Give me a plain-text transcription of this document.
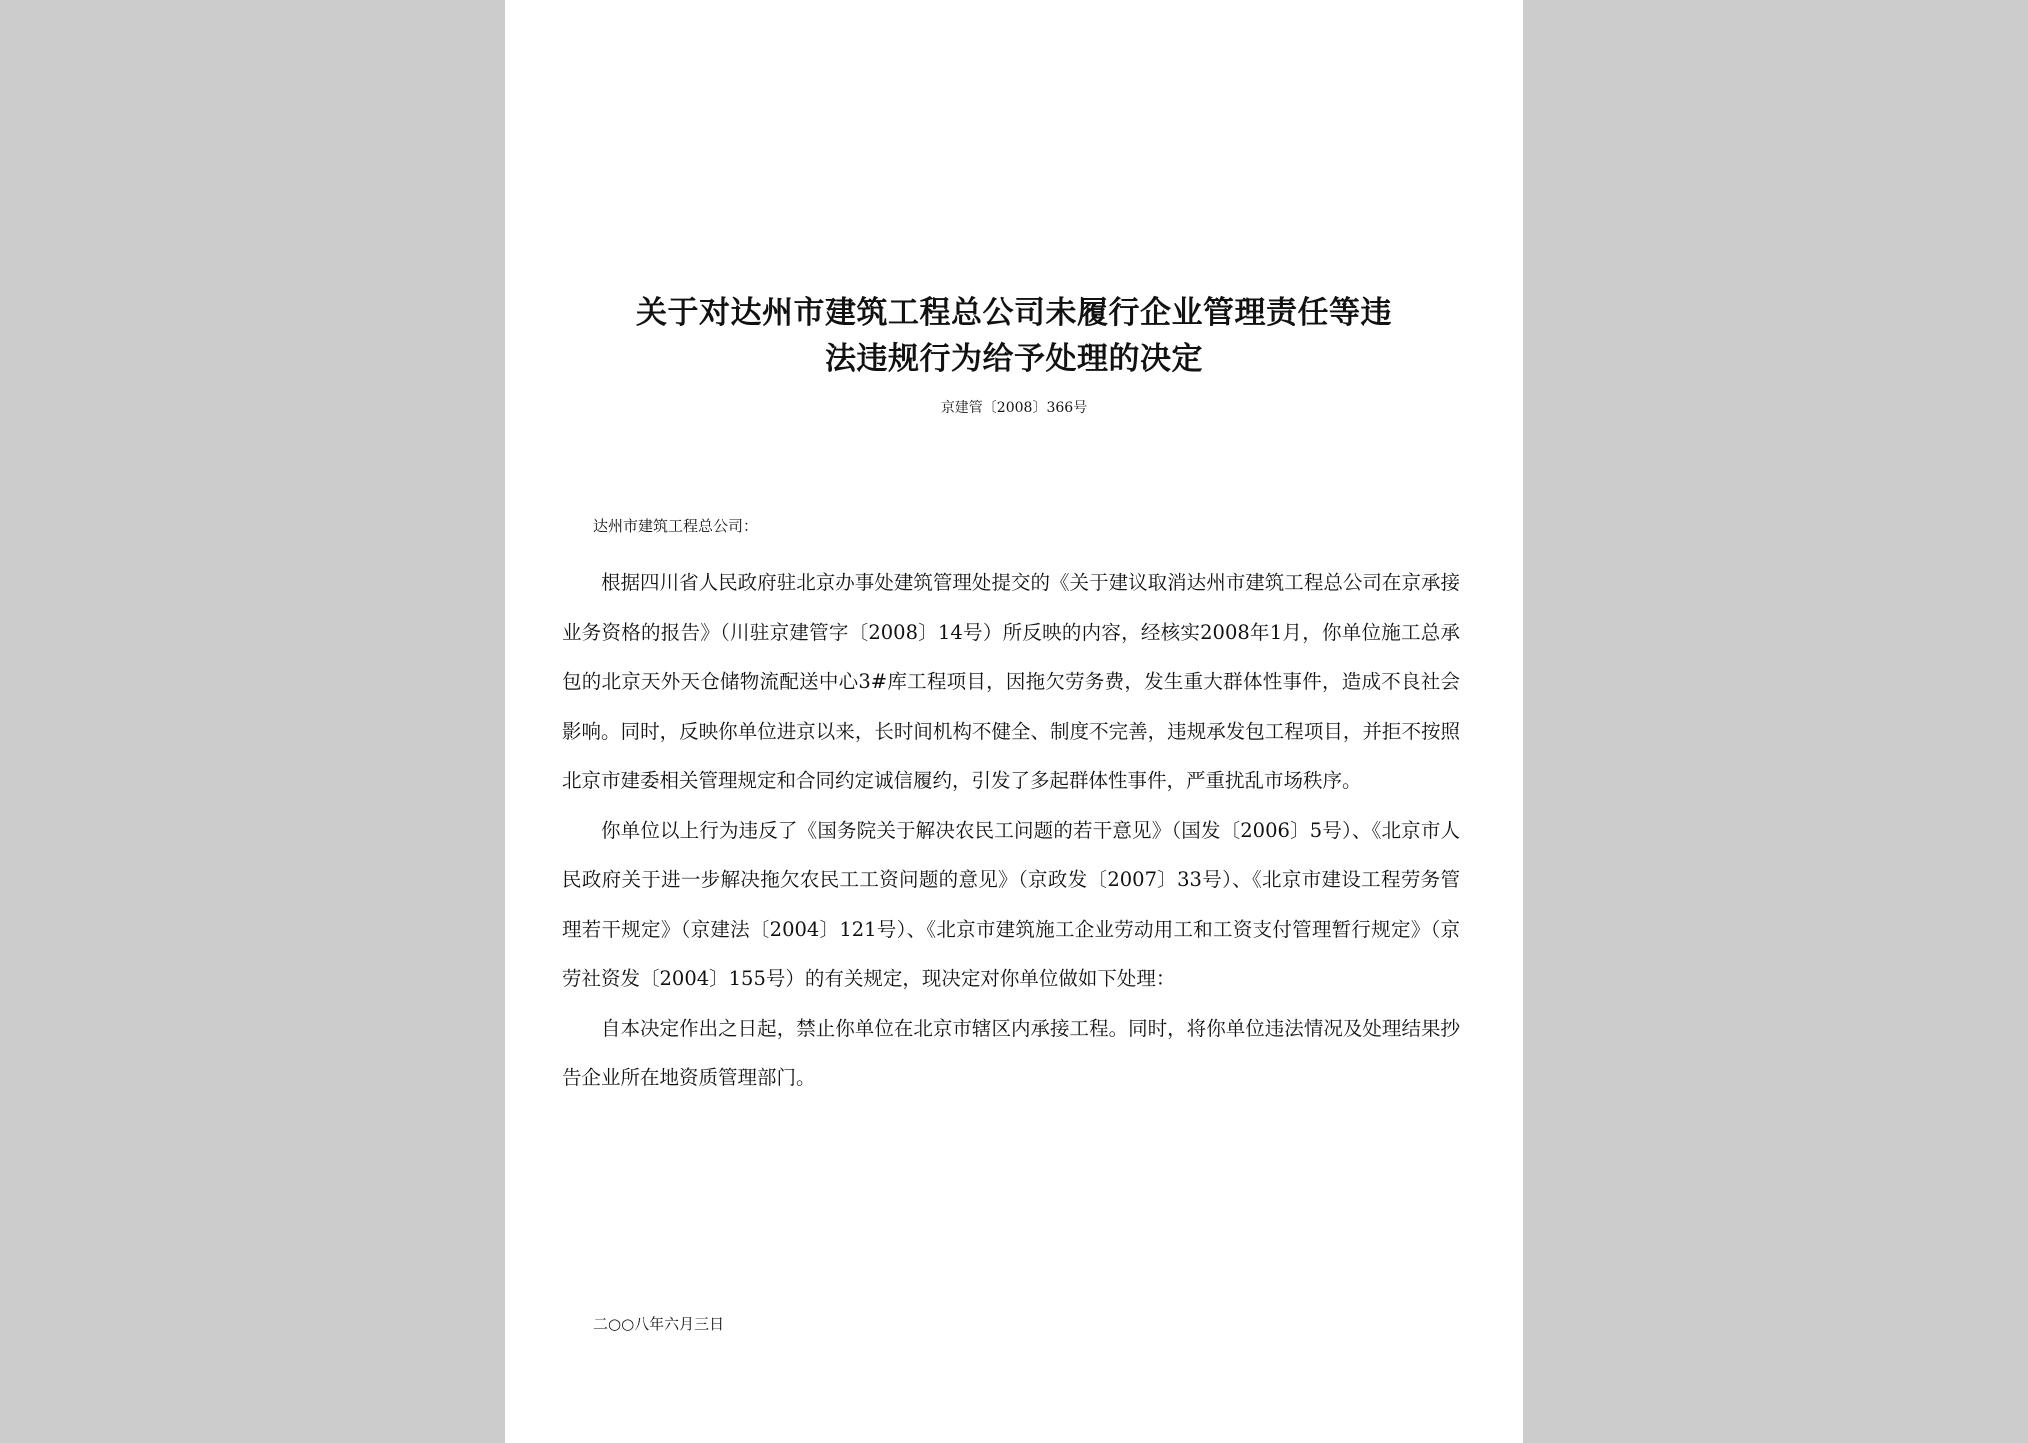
关于对达州市建筑工程总公司未履行企业管理责任等违
法违规行为给予处理的决定
京建管〔2008〕366号
达州市建筑工程总公司：

根据四川省人民政府驻北京办事处建筑管理处提交的《关于建议取消达州市建筑工程总公司在京承接业务资格的报告》（川驻京建管字〔2008〕14号）所反映的内容，经核实2008年1月，你单位施工总承包的北京天外天仓储物流配送中心3#库工程项目，因拖欠劳务费，发生重大群体性事件，造成不良社会影响。同时，反映你单位进京以来，长时间机构不健全、制度不完善，违规承发包工程项目，并拒不按照北京市建委相关管理规定和合同约定诚信履约，引发了多起群体性事件，严重扰乱市场秩序。

你单位以上行为违反了《国务院关于解决农民工问题的若干意见》（国发〔2006〕5号）、《北京市人民政府关于进一步解决拖欠农民工工资问题的意见》（京政发〔2007〕33号）、《北京市建设工程劳务管理若干规定》（京建法〔2004〕121号）、《北京市建筑施工企业劳动用工和工资支付管理暂行规定》（京劳社资发〔2004〕155号）的有关规定，现决定对你单位做如下处理：

自本决定作出之日起，禁止你单位在北京市辖区内承接工程。同时，将你单位违法情况及处理结果抄告企业所在地资质管理部门。

二○○八年六月三日
